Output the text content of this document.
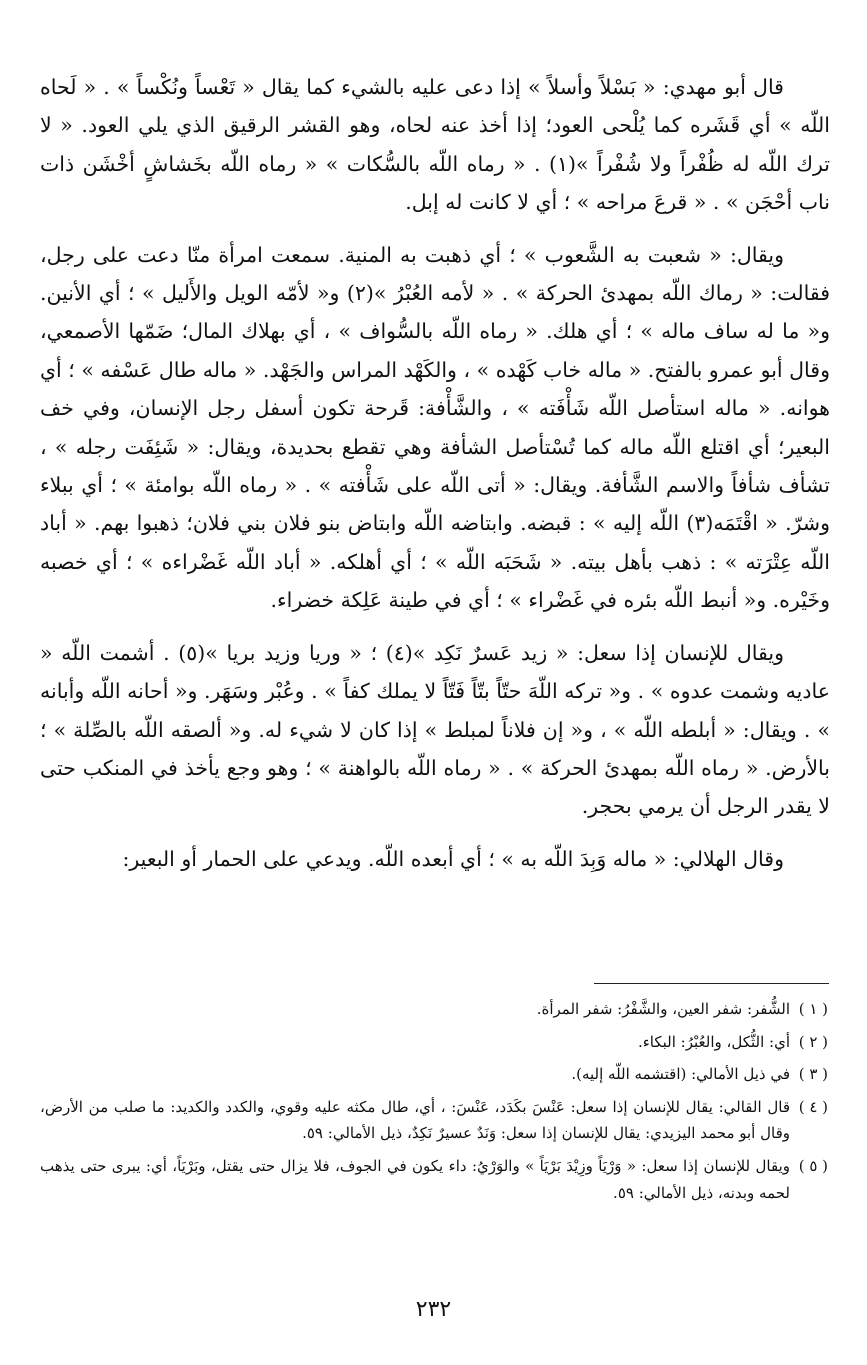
قال أبو مهدي: « بَسْلاً وأسلاً » إذا دعى عليه بالشيء كما يقال « تَعْساً ونُكْساً » . « لَحاه اللّه » أي قَشَره كما يُلْحى العود؛ إذا أخذ عنه لحاه، وهو القشر الرقيق الذي يلي العود. « لا ترك اللّه له ظُفْراً ولا شُفْراً »(١) . « رماه اللّه بالسُّكات » « رماه اللّه بخَشاشٍ أخْشَن ذات ناب أحْجَن » . « قرعَ مراحه » ؛ أي لا كانت له إبل.

ويقال: « شعبت به الشَّعوب » ؛ أي ذهبت به المنية. سمعت امرأة منّا دعت على رجل، فقالت: « رماك اللّه بمهدئ الحركة » . « لأمه العُبْرُ »(٢) و« لأمّه الويل والأَليل » ؛ أي الأنين. و« ما له ساف ماله » ؛ أي هلك. « رماه اللّه بالسُّواف » ، أي بهلاك المال؛ ضَمّها الأصمعي، وقال أبو عمرو بالفتح. « ماله خاب كَهْده » ، والكَهْد المراس والجَهْد. « ماله طال عَسْفه » ؛ أي هوانه. « ماله استأصل اللّه شَأْفَته » ، والشَّأْفة: قَرحة تكون أسفل رجل الإنسان، وفي خف البعير؛ أي اقتلع اللّه ماله كما تُسْتأصل الشأفة وهي تقطع بحديدة، ويقال: « شَئِفَت رجله » ، تشأف شأفاً والاسم الشَّأفة. ويقال: « أتى اللّه على شَأْفته » . « رماه اللّه بوامئة » ؛ أي ببلاء وشرّ. « اقْتَمَه(٣) اللّه إليه » : قبضه. وابتاضه اللّه وابتاض بنو فلان بني فلان؛ ذهبوا بهم. « أباد اللّه عِتْرَته » : ذهب بأهل بيته. « شَحَبَه اللّه » ؛ أي أهلكه. « أباد اللّه غَضْراءه » ؛ أي خصبه وخَيْره. و« أنبط اللّه بئره في غَضْراء » ؛ أي في طينة عَلِكة خضراء.

ويقال للإنسان إذا سعل: « زيد عَسرٌ نَكِد »(٤) ؛ « وريا وزيد بريا »(٥) . أشمت اللّه « عاديه وشمت عدوه » . و« تركه اللّهَ حتّاً بتّاً فَتّاً لا يملك كفاً » . وعُبْر وسَهَر. و« أحانه اللّه وأبانه » . ويقال: « أبلطه اللّه » ، و« إن فلاناً لمبلط » إذا كان لا شيء له. و« ألصقه اللّه بالصِّلة » ؛ بالأرض. « رماه اللّه بمهدئ الحركة » . « رماه اللّه بالواهنة » ؛ وهو وجع يأخذ في المنكب حتى لا يقدر الرجل أن يرمي بحجر.

وقال الهلالي: « ماله وَبِدَ اللّه به » ؛ أي أبعده اللّه. ويدعي على الحمار أو البعير:

( ١ )
الشُّفر: شفر العين، والشَّفْرُ: شفر المرأة.
( ٢ )
أي: الثُّكل، والعُبْرُ: البكاء.
( ٣ )
في ذيل الأمالي: (اقتشمه اللّه إليه).
( ٤ )
قال القالي: يقال للإنسان إذا سعل: عَنْسَ بكَدَد، عَنْسَ: ، أي، طال مكثه عليه وقوي، والكدد والكديد: ما صلب من الأرض، وقال أبو محمد اليزيدي: يقال للإنسان إذا سعل: وَنَدٌ عسيرٌ نَكِدٌ، ذيل الأمالي: ٥٩.
( ٥ )
ويقال للإنسان إذا سعل: « وَرْيَاً وزِيْدَ بَرْيَاً » والوَرْيُ: داء يكون في الجوف، فلا يزال حتى يقتل، وبَرْيَاً، أي: يبرى حتى يذهب لحمه وبدنه، ذيل الأمالي: ٥٩.
٢٣٢
